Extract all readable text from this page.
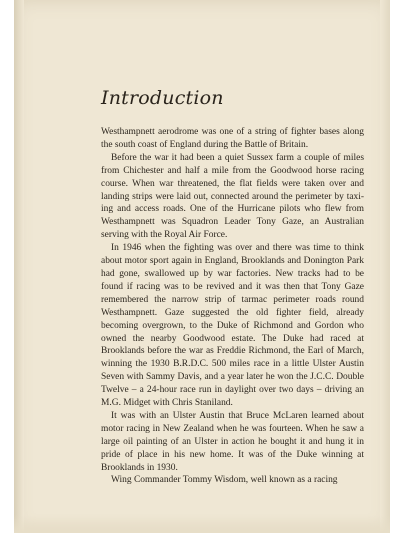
Introduction

Westhampnett aerodrome was one of a string of fighter bases along the south coast of England during the Battle of Britain.

Before the war it had been a quiet Sussex farm a couple of miles from Chichester and half a mile from the Goodwood horse racing course. When war threatened, the flat fields were taken over and landing strips were laid out, connected around the perimeter by taxi-ing and access roads. One of the Hurricane pilots who flew from Westhampnett was Squadron Leader Tony Gaze, an Australian serving with the Royal Air Force.

In 1946 when the fighting was over and there was time to think about motor sport again in England, Brooklands and Donington Park had gone, swallowed up by war factories. New tracks had to be found if racing was to be revived and it was then that Tony Gaze remembered the narrow strip of tarmac perimeter roads round Westhampnett. Gaze suggested the old fighter field, already becoming overgrown, to the Duke of Richmond and Gordon who owned the nearby Goodwood estate. The Duke had raced at Brooklands before the war as Freddie Richmond, the Earl of March, winning the 1930 B.R.D.C. 500 miles race in a little Ulster Austin Seven with Sammy Davis, and a year later he won the J.C.C. Double Twelve – a 24-hour race run in daylight over two days – driving an M.G. Midget with Chris Staniland.

It was with an Ulster Austin that Bruce McLaren learned about motor racing in New Zealand when he was fourteen. When he saw a large oil painting of an Ulster in action he bought it and hung it in pride of place in his new home. It was of the Duke winning at Brooklands in 1930.

Wing Commander Tommy Wisdom, well known as a racing
